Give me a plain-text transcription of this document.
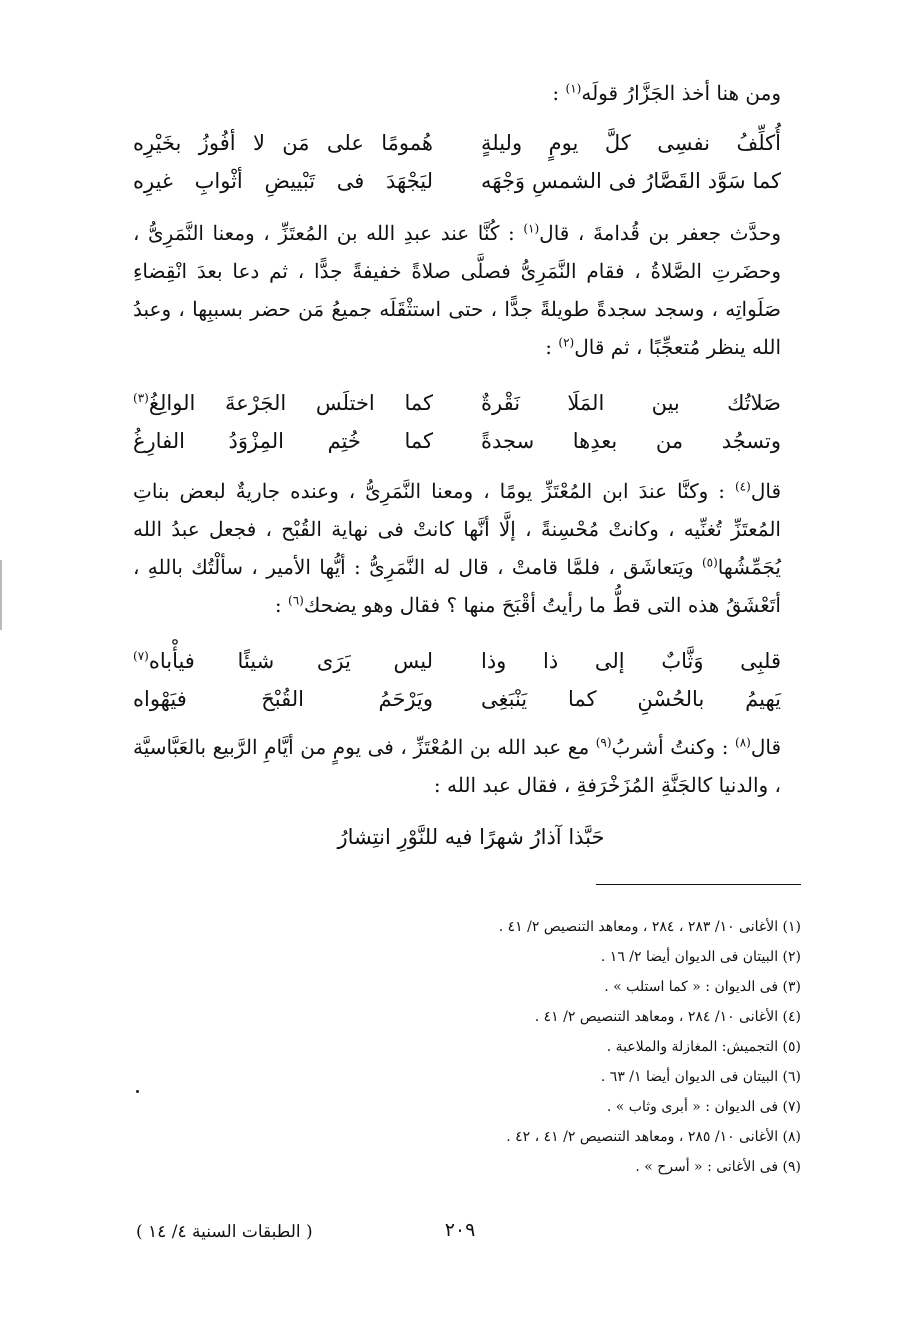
ومن هنا أخذ الجَزَّارُ قولَه$^{(١)}$ :
أُكلِّفُ نفسِى كلَّ يومٍ وليلةٍ
هُمومًا على مَن لا أفُوزُ بخَيْرِه
كما سَوَّد القَصَّارُ فى الشمسِ وَجْهَه
ليَجْهَدَ فى تَبْييضِ أثْوابِ غيرِه
وحدَّث جعفر بن قُدامةَ ، قال$^{(١)}$ : كُنَّا عند عبدِ الله بن المُعتَزِّ ، ومعنا النَّمَرِىُّ ، وحضَرتِ الصَّلاةُ ، فقام النَّمَرِىُّ فصلَّى صلاةً خفيفةً جدًّا ، ثم دعا بعدَ انْقِضاءِ صَلَواتِه ، وسجد سجدةً طويلةً جدًّا ، حتى استثْقَلَه جميعُ مَن حضر بسببِها ، وعبدُ الله ينظر مُتعجِّبًا ، ثم قال$^{(٢)}$ :
صَلاتُك بين المَلَا نَقْرةٌ
كما اختلَس الجَرْعةَ الوالِغُ$^{(٣)}$
وتسجُد من بعدِها سجدةً
كما خُتِم المِزْوَدُ الفارِغُ
قال$^{(٤)}$ : وكنَّا عندَ ابن المُعْتَزِّ يومًا ، ومعنا النَّمَرِىُّ ، وعنده جاريةٌ لبعض بناتِ المُعتَزِّ تُغنِّيه ، وكانتْ مُحْسِنةً ، إلَّا أنَّها كانتْ فى نهاية القُبْح ، فجعل عبدُ الله يُجَمِّشُها$^{(٥)}$ ويَتعاشَق ، فلمَّا قامتْ ، قال له النَّمَرِىُّ : أيُّها الأمير ، سألْتُك باللهِ ، أتَعْشَقُ هذه التى قطُّ ما رأيتُ أقْبَحَ منها ؟ فقال وهو يضحك$^{(٦)}$ :
قلبِى وَثَّابٌ إلى ذا وذا
ليس يَرَى شيئًا فيأْباه$^{(٧)}$
يَهيمُ بالحُسْنِ كما يَنْبَغِى
ويَرْحَمُ القُبْحَ فيَهْواه
قال$^{(٨)}$ : وكنتُ أشربُ$^{(٩)}$ مع عبد الله بن المُعْتَزِّ ، فى يومٍ من أيَّامِ الرَّبيع بالعَبَّاسيَّة ، والدنيا كالجَنَّةِ المُزَخْرَفةِ ، فقال عبد الله :
حَبَّذا آذارُ شهرًا فيه للنَّوْرِ انتِشارُ
(١) الأغانى ١٠/ ٢٨٣ ، ٢٨٤ ، ومعاهد التنصيص ٢/ ٤١ .
(٢) البيتان فى الديوان أيضا ٢/ ١٦ .
(٣) فى الديوان : « كما استلب » .
(٤) الأغانى ١٠/ ٢٨٤ ، ومعاهد التنصيص ٢/ ٤١ .
(٥) التجميش: المغازلة والملاعبة .
(٦) البيتان فى الديوان أيضا ١/ ٦٣ .
(٧) فى الديوان : « أبرى وثاب » .
(٨) الأغانى ١٠/ ٢٨٥ ، ومعاهد التنصيص ٢/ ٤١ ، ٤٢ .
(٩) فى الأغانى : « أسرح » .
٢٠٩
( الطبقات السنية ٤/ ١٤ )
